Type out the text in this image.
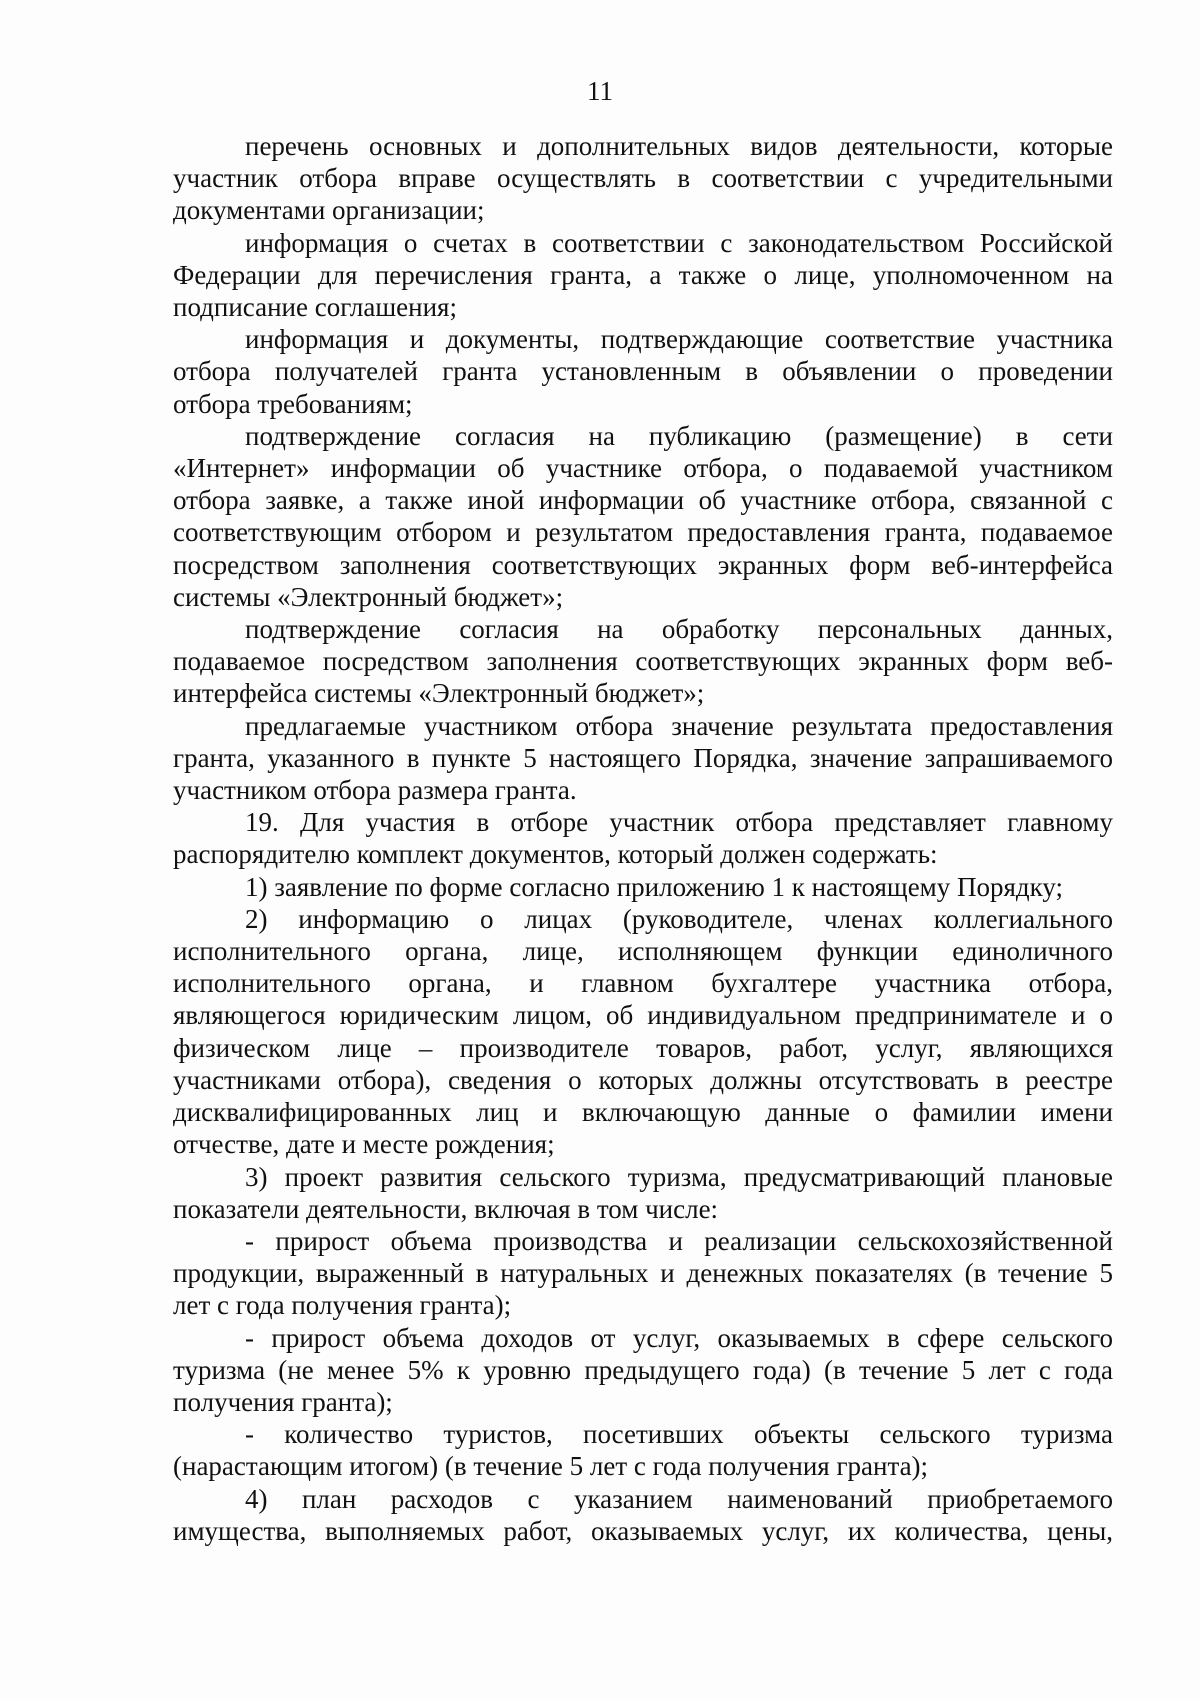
11

перечень основных и дополнительных видов деятельности, которые
участник отбора вправе осуществлять в соответствии с учредительными
документами организации;

информация о счетах в соответствии с законодательством Российской
Федерации для перечисления гранта, а также о лице, уполномоченном на
подписание соглашения;

информация и документы, подтверждающие соответствие участника
отбора получателей гранта установленным в объявлении о проведении
отбора требованиям;

подтверждение согласия на публикацию (размещение) в сети
«Интернет» информации об участнике отбора, о подаваемой участником
отбора заявке, а также иной информации об участнике отбора, связанной с
соответствующим отбором и результатом предоставления гранта, подаваемое
посредством заполнения соответствующих экранных форм веб-интерфейса
системы «Электронный бюджет»;

подтверждение согласия на обработку персональных данных,
подаваемое посредством заполнения соответствующих экранных форм веб-
интерфейса системы «Электронный бюджет»;

предлагаемые участником отбора значение результата предоставления
гранта, указанного в пункте 5 настоящего Порядка, значение запрашиваемого
участником отбора размера гранта.

19. Для участия в отборе участник отбора представляет главному
распорядителю комплект документов, который должен содержать:

1) заявление по форме согласно приложению 1 к настоящему Порядку;

2) информацию о лицах (руководителе, членах коллегиального
исполнительного органа, лице, исполняющем функции единоличного
исполнительного органа, и главном бухгалтере участника отбора,
являющегося юридическим лицом, об индивидуальном предпринимателе и о
физическом лице – производителе товаров, работ, услуг, являющихся
участниками отбора), сведения о которых должны отсутствовать в реестре
дисквалифицированных лиц и включающую данные о фамилии имени
отчестве, дате и месте рождения;

3) проект развития сельского туризма, предусматривающий плановые
показатели деятельности, включая в том числе:

- прирост объема производства и реализации сельскохозяйственной
продукции, выраженный в натуральных и денежных показателях (в течение 5
лет с года получения гранта);

- прирост объема доходов от услуг, оказываемых в сфере сельского
туризма (не менее 5% к уровню предыдущего года) (в течение 5 лет с года
получения гранта);

- количество туристов, посетивших объекты сельского туризма
(нарастающим итогом) (в течение 5 лет с года получения гранта);

4) план расходов с указанием наименований приобретаемого
имущества, выполняемых работ, оказываемых услуг, их количества, цены,
